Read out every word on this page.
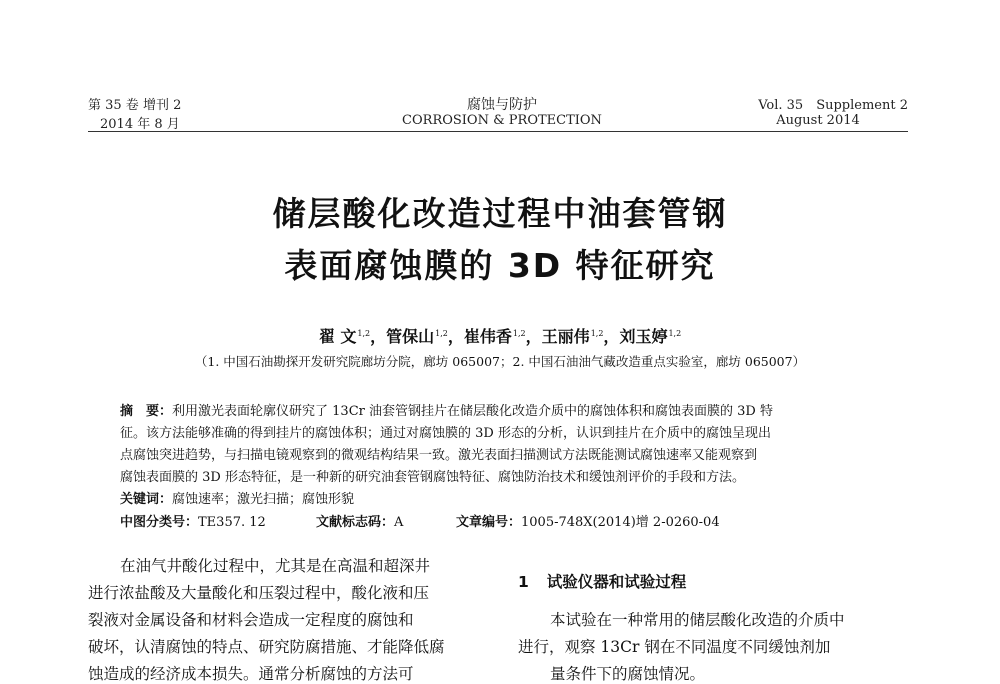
第 35 卷 增刊 2
2014 年 8 月
腐蚀与防护
CORROSION & PROTECTION
Vol. 35　Supplement 2
August 2014
储层酸化改造过程中油套管钢
表面腐蚀膜的 3D 特征研究
翟 文$^{1,2}$，管保山$^{1,2}$，崔伟香$^{1,2}$，王丽伟$^{1,2}$，刘玉婷$^{1,2}$
（1. 中国石油勘探开发研究院廊坊分院，廊坊 065007；2. 中国石油油气藏改造重点实验室，廊坊 065007）
摘　要：利用激光表面轮廓仪研究了 13Cr 油套管钢挂片在储层酸化改造介质中的腐蚀体积和腐蚀表面膜的 3D 特
征。该方法能够准确的得到挂片的腐蚀体积；通过对腐蚀膜的 3D 形态的分析，认识到挂片在介质中的腐蚀呈现出
点腐蚀突进趋势，与扫描电镜观察到的微观结构结果一致。激光表面扫描测试方法既能测试腐蚀速率又能观察到
腐蚀表面膜的 3D 形态特征，是一种新的研究油套管钢腐蚀特征、腐蚀防治技术和缓蚀剂评价的手段和方法。
关键词：腐蚀速率；激光扫描；腐蚀形貌
中图分类号：TE357. 12	文献标志码：A	文章编号：1005-748X(2014)增 2-0260-04
在油气井酸化过程中，尤其是在高温和超深井
进行浓盐酸及大量酸化和压裂过程中，酸化液和压
裂液对金属设备和材料会造成一定程度的腐蚀和
破坏，认清腐蚀的特点、研究防腐措施、才能降低腐
蚀造成的经济成本损失。通常分析腐蚀的方法可
1 试验仪器和试验过程
本试验在一种常用的储层酸化改造的介质中
进行，观察 13Cr 钢在不同温度不同缓蚀剂加
量条件下的腐蚀情况。
